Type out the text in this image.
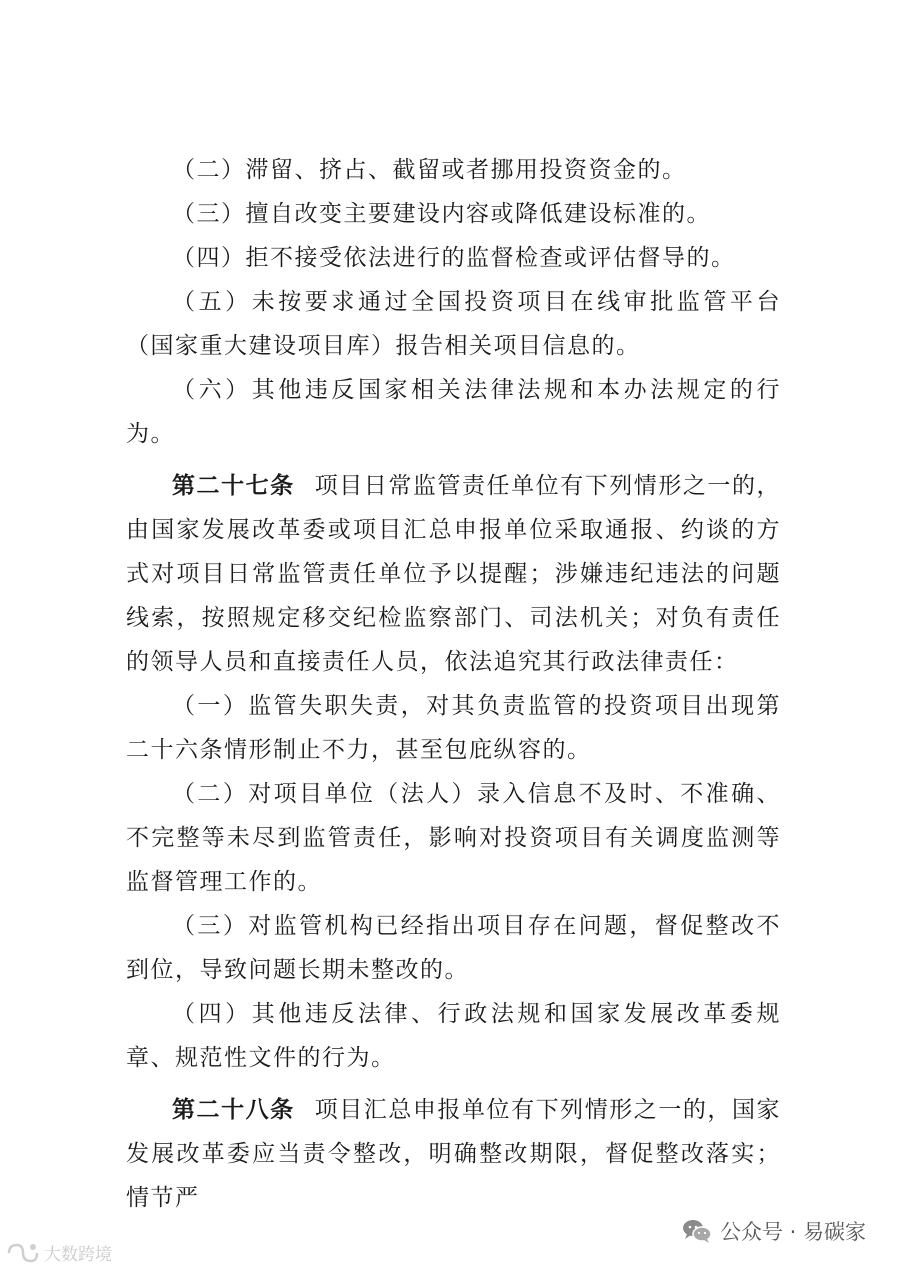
（二）滞留、挤占、截留或者挪用投资资金的。

（三）擅自改变主要建设内容或降低建设标准的。

（四）拒不接受依法进行的监督检查或评估督导的。

（五）未按要求通过全国投资项目在线审批监管平台（国家重大建设项目库）报告相关项目信息的。

（六）其他违反国家相关法律法规和本办法规定的行为。

第二十七条 项目日常监管责任单位有下列情形之一的，由国家发展改革委或项目汇总申报单位采取通报、约谈的方式对项目日常监管责任单位予以提醒；涉嫌违纪违法的问题线索，按照规定移交纪检监察部门、司法机关；对负有责任的领导人员和直接责任人员，依法追究其行政法律责任：

（一）监管失职失责，对其负责监管的投资项目出现第二十六条情形制止不力，甚至包庇纵容的。

（二）对项目单位（法人）录入信息不及时、不准确、不完整等未尽到监管责任，影响对投资项目有关调度监测等监督管理工作的。

（三）对监管机构已经指出项目存在问题，督促整改不到位，导致问题长期未整改的。

（四）其他违反法律、行政法规和国家发展改革委规章、规范性文件的行为。

第二十八条 项目汇总申报单位有下列情形之一的，国家发展改革委应当责令整改，明确整改期限，督促整改落实；情节严

大数跨境
公众号 · 易碳家
